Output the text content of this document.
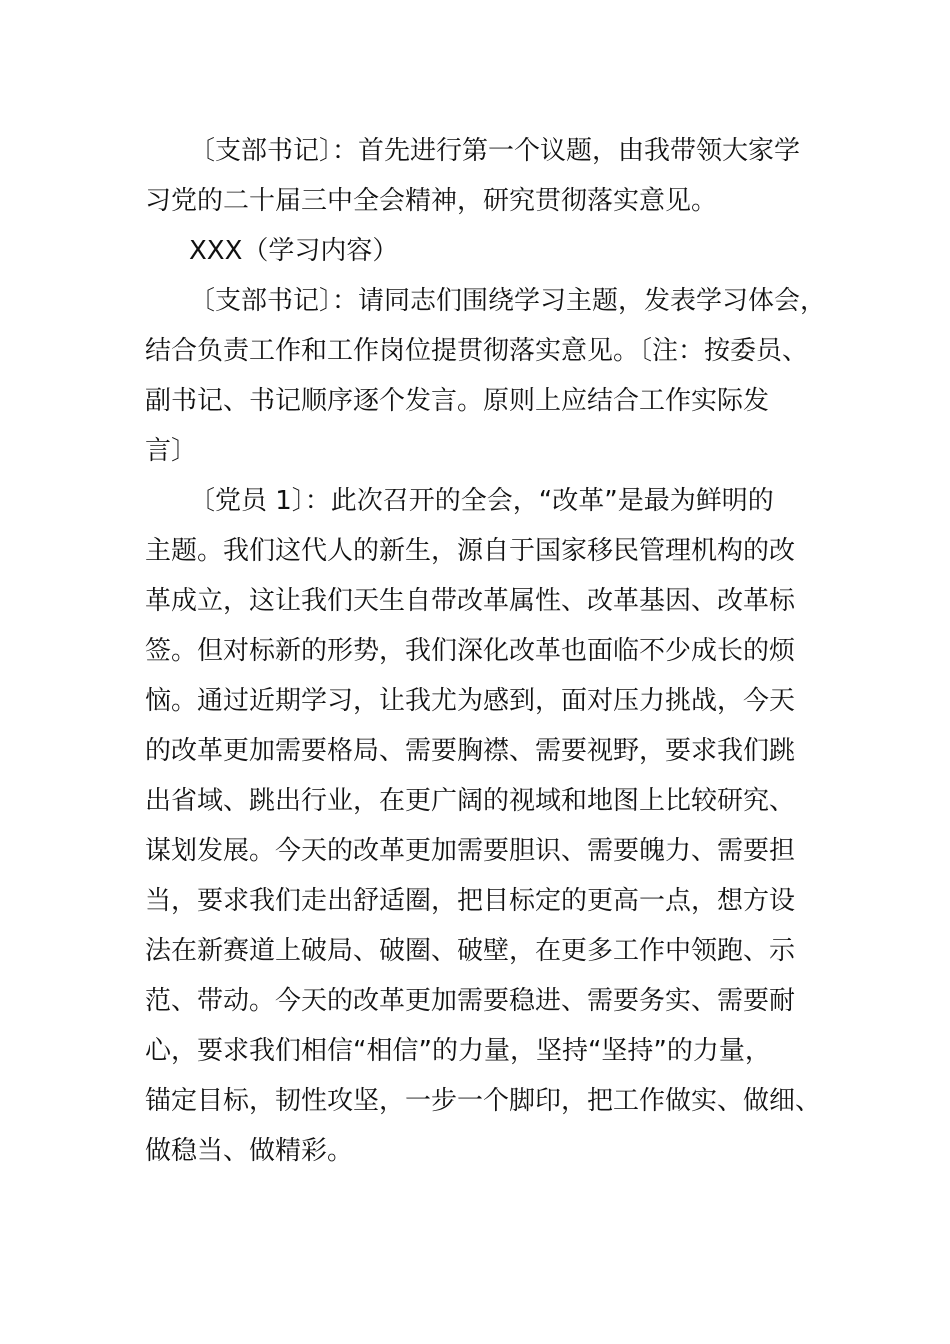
〔支部书记〕：首先进行第一个议题，由我带领大家学
习党的二十届三中全会精神，研究贯彻落实意见。
XXX（学习内容）
〔支部书记〕：请同志们围绕学习主题，发表学习体会，
结合负责工作和工作岗位提贯彻落实意见。〔注：按委员、
副书记、书记顺序逐个发言。原则上应结合工作实际发
言〕
〔党员 1〕：此次召开的全会，“改革”是最为鲜明的
主题。我们这代人的新生，源自于国家移民管理机构的改
革成立，这让我们天生自带改革属性、改革基因、改革标
签。但对标新的形势，我们深化改革也面临不少成长的烦
恼。通过近期学习，让我尤为感到，面对压力挑战，今天
的改革更加需要格局、需要胸襟、需要视野，要求我们跳
出省域、跳出行业，在更广阔的视域和地图上比较研究、
谋划发展。今天的改革更加需要胆识、需要魄力、需要担
当，要求我们走出舒适圈，把目标定的更高一点，想方设
法在新赛道上破局、破圈、破壁，在更多工作中领跑、示
范、带动。今天的改革更加需要稳进、需要务实、需要耐
心，要求我们相信“相信”的力量，坚持“坚持”的力量，
锚定目标，韧性攻坚，一步一个脚印，把工作做实、做细、
做稳当、做精彩。
